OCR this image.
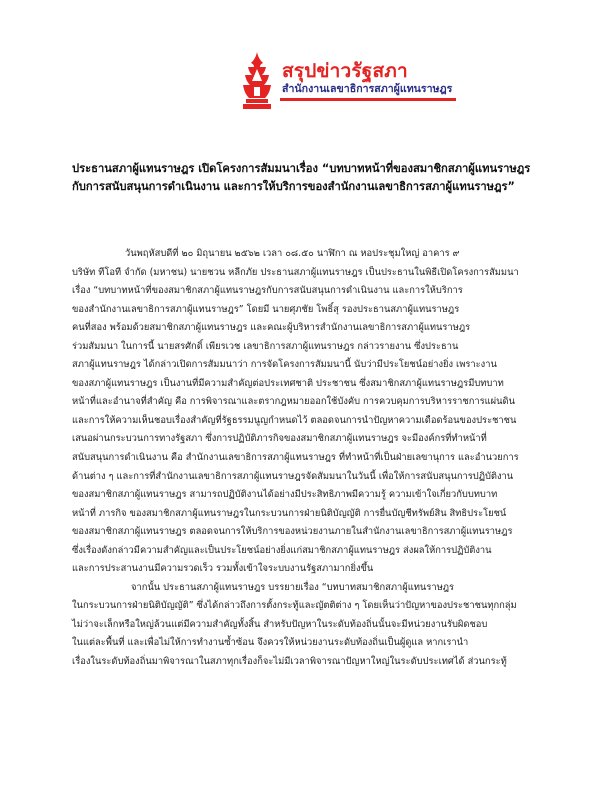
สรุปข่าวรัฐสภา
สำนักงานเลขาธิการสภาผู้แทนราษฎร
ประธานสภาผู้แทนราษฎร เปิดโครงการสัมมนาเรื่อง “บทบาทหน้าที่ของสมาชิกสภาผู้แทนราษฎร
กับการสนับสนุนการดำเนินงาน และการให้บริการของสำนักงานเลขาธิการสภาผู้แทนราษฎร”
วันพฤหัสบดีที่ ๒๐ มิถุนายน ๒๕๖๒ เวลา ๐๘.๕๐ นาฬิกา ณ หอประชุมใหญ่ อาคาร ๙
บริษัท ทีโอที จำกัด (มหาชน) นายชวน หลีกภัย ประธานสภาผู้แทนราษฎร เป็นประธานในพิธีเปิดโครงการสัมมนา
เรื่อง “บทบาทหน้าที่ของสมาชิกสภาผู้แทนราษฎรกับการสนับสนุนการดำเนินงาน และการให้บริการ
ของสำนักงานเลขาธิการสภาผู้แทนราษฎร” โดยมี นายศุภชัย โพธิ์สุ รองประธานสภาผู้แทนราษฎร
คนที่สอง พร้อมด้วยสมาชิกสภาผู้แทนราษฎร และคณะผู้บริหารสำนักงานเลขาธิการสภาผู้แทนราษฎร
ร่วมสัมมนา ในการนี้ นายสรศักดิ์ เพียรเวช เลขาธิการสภาผู้แทนราษฎร กล่าวรายงาน ซึ่งประธาน
สภาผู้แทนราษฎร ได้กล่าวเปิดการสัมมนาว่า การจัดโครงการสัมมนานี้ นับว่ามีประโยชน์อย่างยิ่ง เพราะงาน
ของสภาผู้แทนราษฎร เป็นงานที่มีความสำคัญต่อประเทศชาติ ประชาชน ซึ่งสมาชิกสภาผู้แทนราษฎรมีบทบาท
หน้าที่และอำนาจที่สำคัญ คือ การพิจารณาและตรากฎหมายออกใช้บังคับ การควบคุมการบริหารราชการแผ่นดิน
และการให้ความเห็นชอบเรื่องสำคัญที่รัฐธรรมนูญกำหนดไว้ ตลอดจนการนำปัญหาความเดือดร้อนของประชาชน
เสนอผ่านกระบวนการทางรัฐสภา ซึ่งการปฏิบัติภารกิจของสมาชิกสภาผู้แทนราษฎร จะมีองค์กรที่ทำหน้าที่
สนับสนุนการดำเนินงาน คือ สำนักงานเลขาธิการสภาผู้แทนราษฎร ที่ทำหน้าที่เป็นฝ่ายเลขานุการ และอำนวยการ
ด้านต่าง ๆ และการที่สำนักงานเลขาธิการสภาผู้แทนราษฎรจัดสัมมนาในวันนี้ เพื่อให้การสนับสนุนการปฏิบัติงาน
ของสมาชิกสภาผู้แทนราษฎร สามารถปฏิบัติงานได้อย่างมีประสิทธิภาพมีความรู้ ความเข้าใจเกี่ยวกับบทบาท
หน้าที่ ภารกิจ ของสมาชิกสภาผู้แทนราษฎรในกระบวนการฝ่ายนิติบัญญัติ การยื่นบัญชีทรัพย์สิน สิทธิประโยชน์
ของสมาชิกสภาผู้แทนราษฎร ตลอดจนการให้บริการของหน่วยงานภายในสำนักงานเลขาธิการสภาผู้แทนราษฎร
ซึ่งเรื่องดังกล่าวมีความสำคัญและเป็นประโยชน์อย่างยิ่งแก่สมาชิกสภาผู้แทนราษฎร ส่งผลให้การปฏิบัติงาน
และการประสานงานมีความรวดเร็ว รวมทั้งเข้าใจระบบงานรัฐสภามากยิ่งขึ้น
จากนั้น ประธานสภาผู้แทนราษฎร บรรยายเรื่อง “บทบาทสมาชิกสภาผู้แทนราษฎร
ในกระบวนการฝ่ายนิติบัญญัติ” ซึ่งได้กล่าวถึงการตั้งกระทู้และญัตติต่าง ๆ โดยเห็นว่าปัญหาของประชาชนทุกกลุ่ม
ไม่ว่าจะเล็กหรือใหญ่ล้วนแต่มีความสำคัญทั้งสิ้น สำหรับปัญหาในระดับท้องถิ่นนั้นจะมีหน่วยงานรับผิดชอบ
ในแต่ละพื้นที่ และเพื่อไม่ให้การทำงานซ้ำซ้อน จึงควรให้หน่วยงานระดับท้องถิ่นเป็นผู้ดูแล หากเรานำ
เรื่องในระดับท้องถิ่นมาพิจารณาในสภาทุกเรื่องก็จะไม่มีเวลาพิจารณาปัญหาใหญ่ในระดับประเทศได้ ส่วนกระทู้
